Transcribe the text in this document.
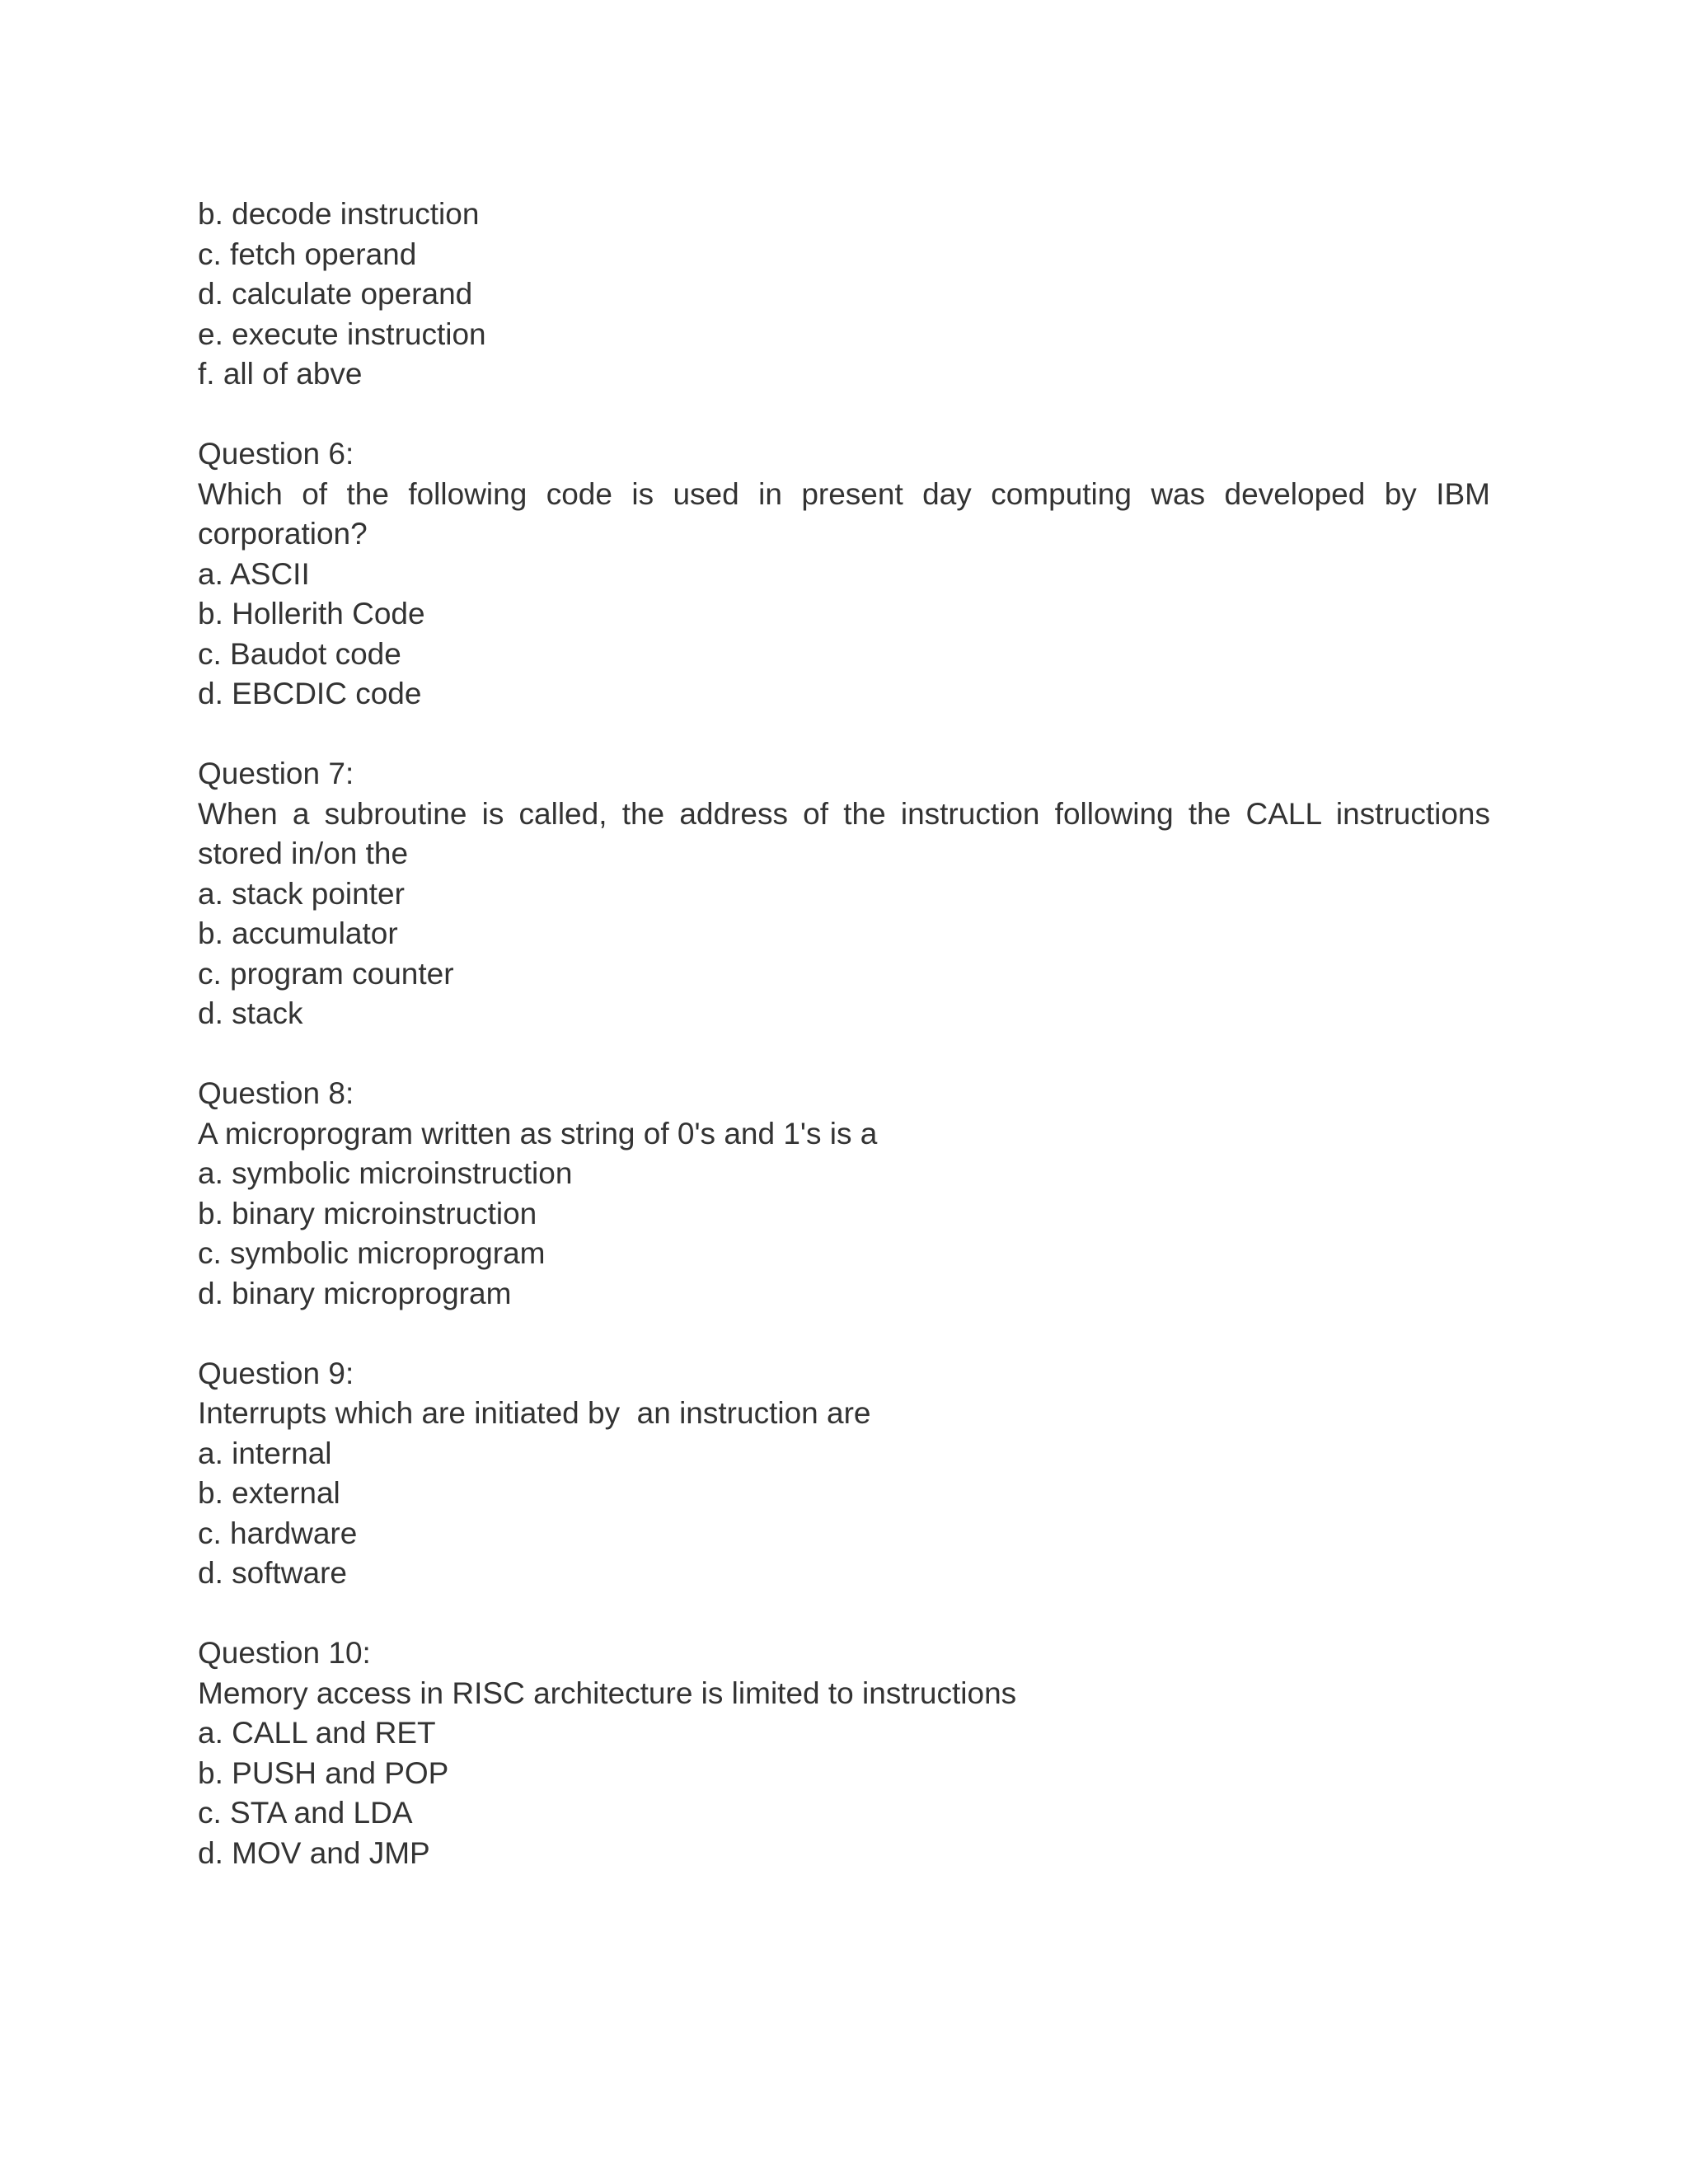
b. decode instruction
c. fetch operand
d. calculate operand
e. execute instruction
f. all of abve
Question 6:
Which of the following code is used in present day computing was developed by IBM corporation?
a. ASCII
b. Hollerith Code
c. Baudot code
d. EBCDIC code
Question 7:
When a subroutine is called, the address of the instruction following the CALL instructions stored in/on the
a. stack pointer
b. accumulator
c. program counter
d. stack
Question 8:
A microprogram written as string of 0's and 1's is a
a. symbolic microinstruction
b. binary microinstruction
c. symbolic microprogram
d. binary microprogram
Question 9:
Interrupts which are initiated by  an instruction are
a. internal
b. external
c. hardware
d. software
Question 10:
Memory access in RISC architecture is limited to instructions
a. CALL and RET
b. PUSH and POP
c. STA and LDA
d. MOV and JMP
